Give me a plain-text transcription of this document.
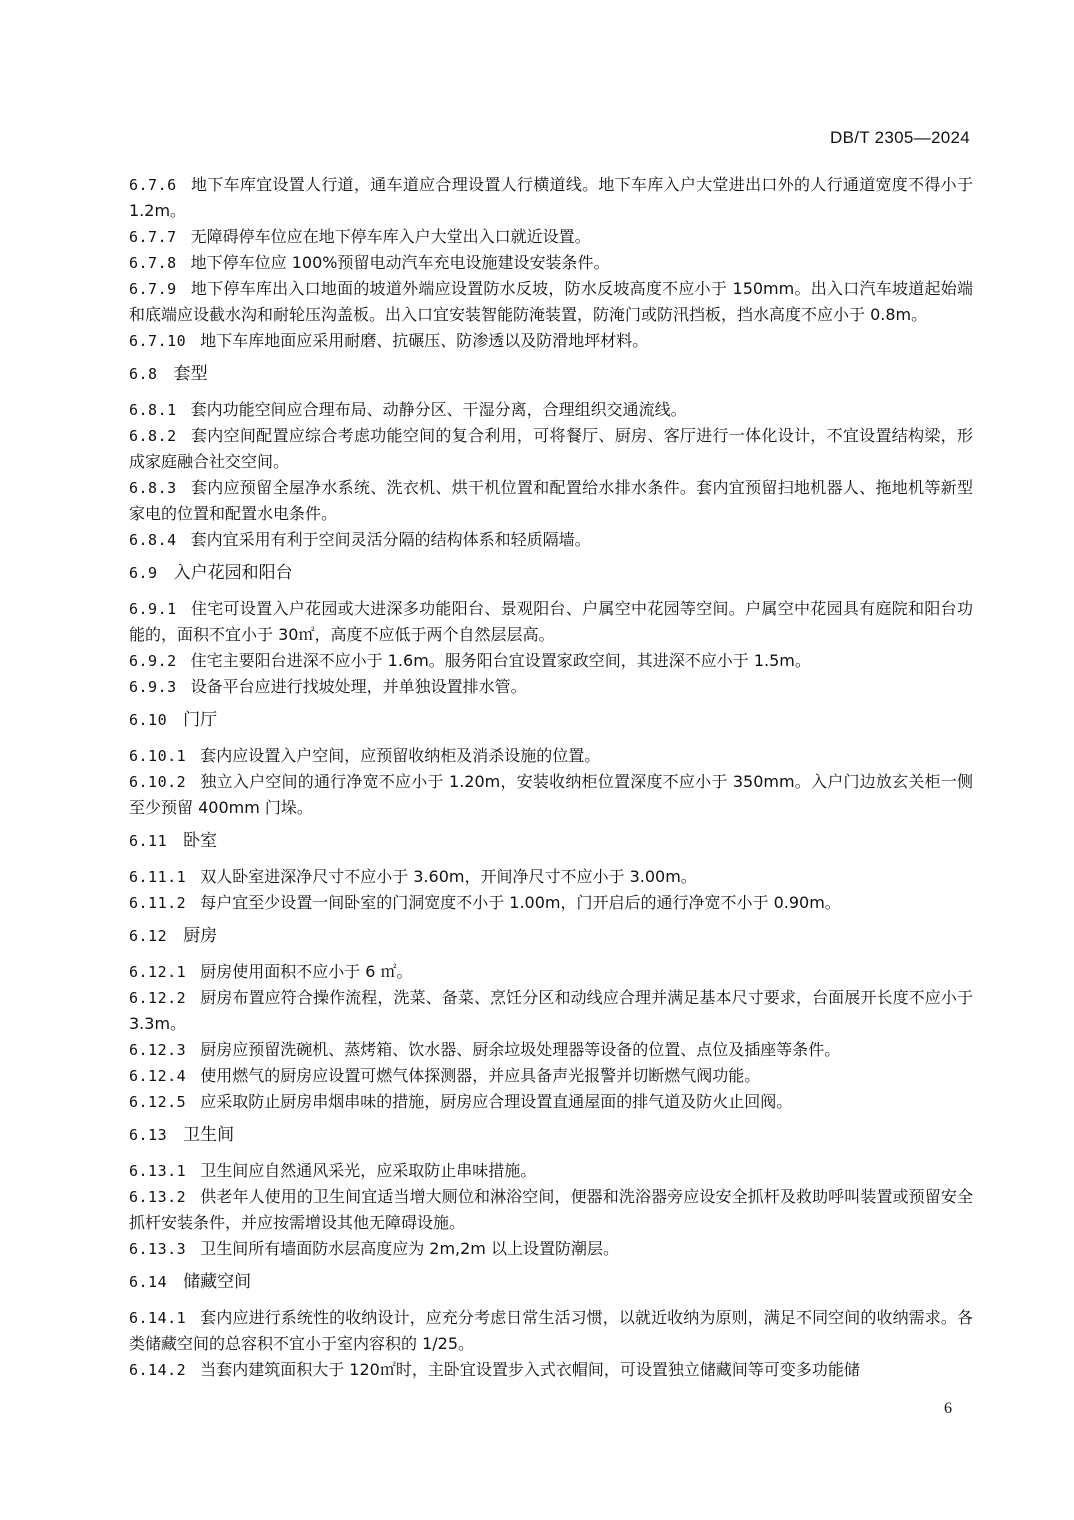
DB/T 2305—2024
6.7.6 地下车库宜设置人行道，通车道应合理设置人行横道线。地下车库入户大堂进出口外的人行通道宽度不得小于 1.2m。
6.7.7 无障碍停车位应在地下停车库入户大堂出入口就近设置。
6.7.8 地下停车位应 100%预留电动汽车充电设施建设安装条件。
6.7.9 地下停车库出入口地面的坡道外端应设置防水反坡，防水反坡高度不应小于 150mm。出入口汽车坡道起始端和底端应设截水沟和耐轮压沟盖板。出入口宜安装智能防淹装置，防淹门或防汛挡板，挡水高度不应小于 0.8m。
6.7.10 地下车库地面应采用耐磨、抗碾压、防渗透以及防滑地坪材料。
6.8 套型
6.8.1 套内功能空间应合理布局、动静分区、干湿分离，合理组织交通流线。
6.8.2 套内空间配置应综合考虑功能空间的复合利用，可将餐厅、厨房、客厅进行一体化设计，不宜设置结构梁，形成家庭融合社交空间。
6.8.3 套内应预留全屋净水系统、洗衣机、烘干机位置和配置给水排水条件。套内宜预留扫地机器人、拖地机等新型家电的位置和配置水电条件。
6.8.4 套内宜采用有利于空间灵活分隔的结构体系和轻质隔墙。
6.9 入户花园和阳台
6.9.1 住宅可设置入户花园或大进深多功能阳台、景观阳台、户属空中花园等空间。户属空中花园具有庭院和阳台功能的，面积不宜小于 30㎡，高度不应低于两个自然层层高。
6.9.2 住宅主要阳台进深不应小于 1.6m。服务阳台宜设置家政空间，其进深不应小于 1.5m。
6.9.3 设备平台应进行找坡处理，并单独设置排水管。
6.10 门厅
6.10.1 套内应设置入户空间，应预留收纳柜及消杀设施的位置。
6.10.2 独立入户空间的通行净宽不应小于 1.20m，安装收纳柜位置深度不应小于 350mm。入户门边放玄关柜一侧至少预留 400mm 门垛。
6.11 卧室
6.11.1 双人卧室进深净尺寸不应小于 3.60m，开间净尺寸不应小于 3.00m。
6.11.2 每户宜至少设置一间卧室的门洞宽度不小于 1.00m，门开启后的通行净宽不小于 0.90m。
6.12 厨房
6.12.1 厨房使用面积不应小于 6 ㎡。
6.12.2 厨房布置应符合操作流程，洗菜、备菜、烹饪分区和动线应合理并满足基本尺寸要求，台面展开长度不应小于 3.3m。
6.12.3 厨房应预留洗碗机、蒸烤箱、饮水器、厨余垃圾处理器等设备的位置、点位及插座等条件。
6.12.4 使用燃气的厨房应设置可燃气体探测器，并应具备声光报警并切断燃气阀功能。
6.12.5 应采取防止厨房串烟串味的措施，厨房应合理设置直通屋面的排气道及防火止回阀。
6.13 卫生间
6.13.1 卫生间应自然通风采光，应采取防止串味措施。
6.13.2 供老年人使用的卫生间宜适当增大厕位和淋浴空间，便器和洗浴器旁应设安全抓杆及救助呼叫装置或预留安全抓杆安装条件，并应按需增设其他无障碍设施。
6.13.3 卫生间所有墙面防水层高度应为 2m,2m 以上设置防潮层。
6.14 储藏空间
6.14.1 套内应进行系统性的收纳设计，应充分考虑日常生活习惯，以就近收纳为原则，满足不同空间的收纳需求。各类储藏空间的总容积不宜小于室内容积的 1/25。
6.14.2 当套内建筑面积大于 120㎡时，主卧宜设置步入式衣帽间，可设置独立储藏间等可变多功能储
6
